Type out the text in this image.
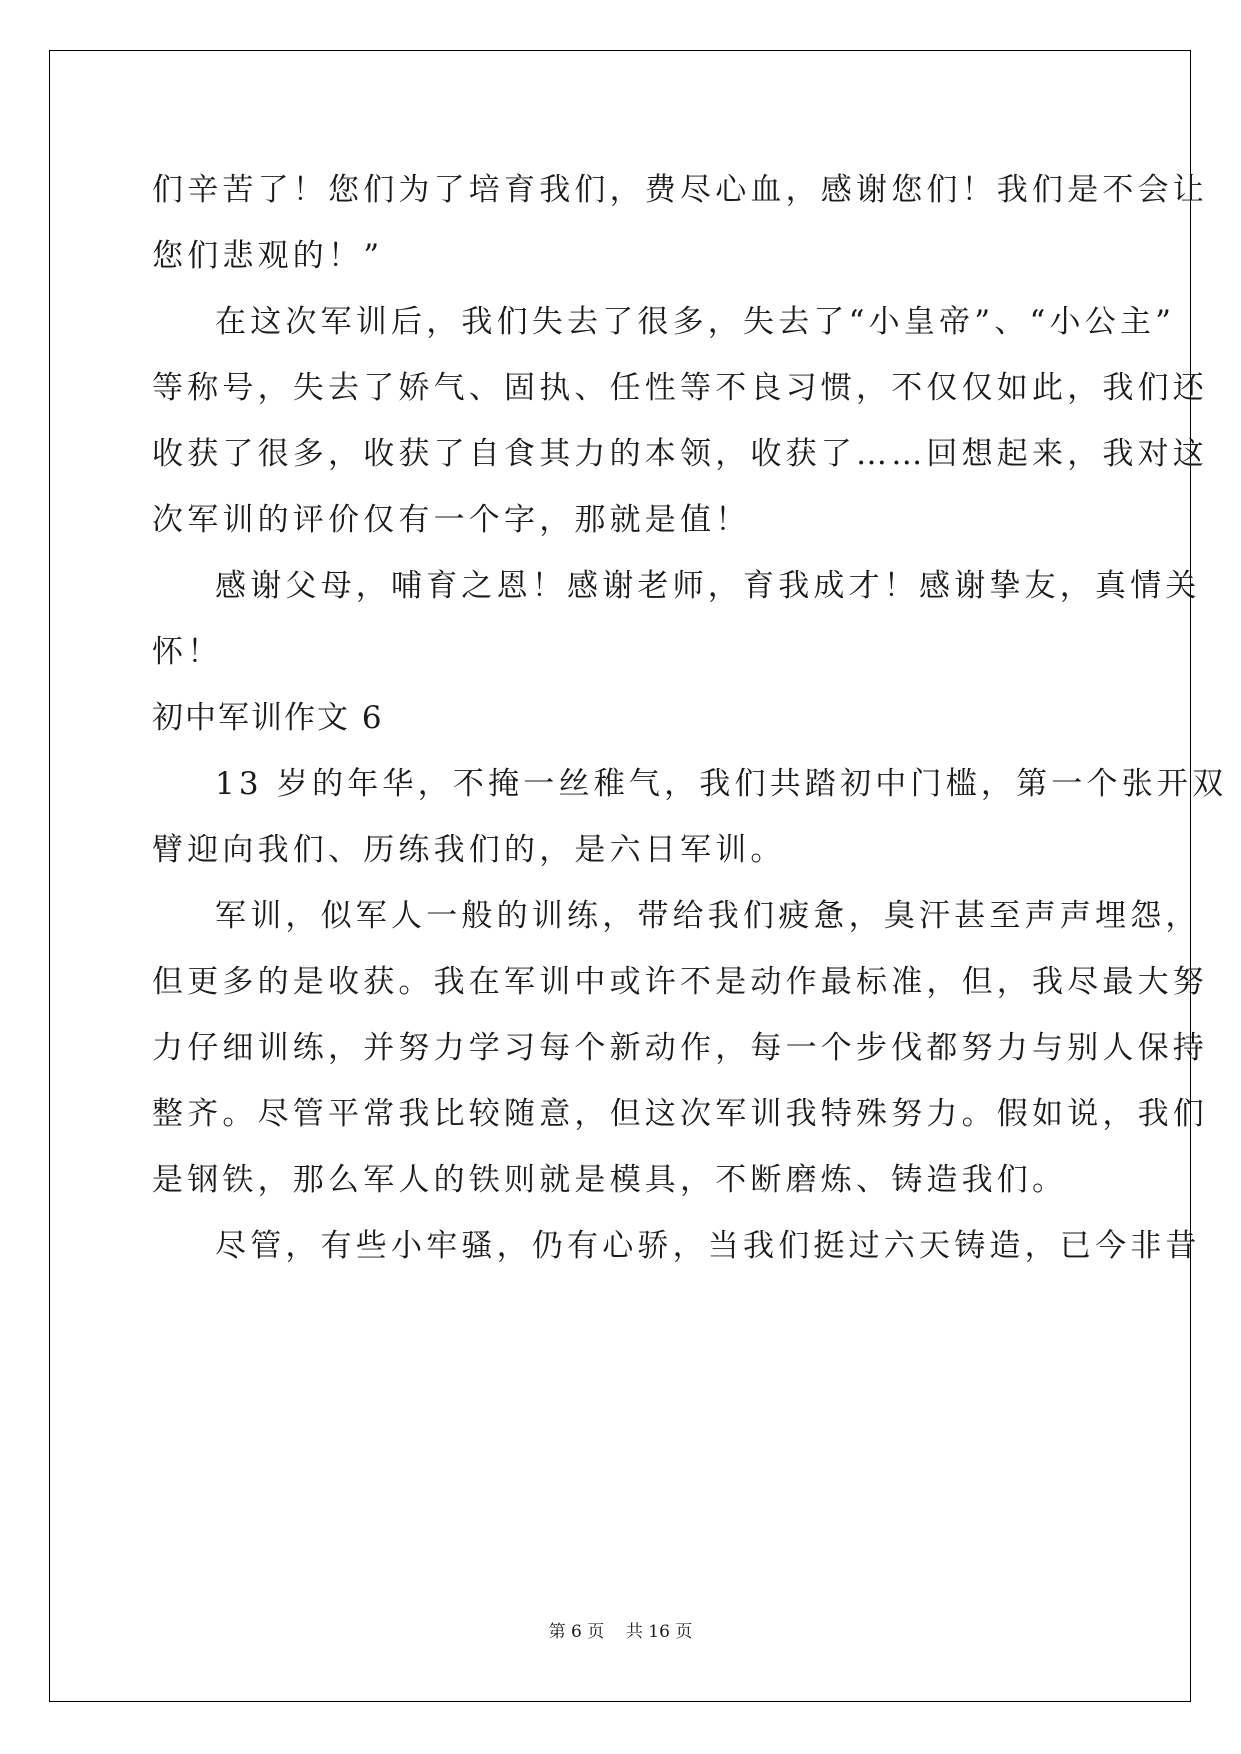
们辛苦了！您们为了培育我们，费尽心血，感谢您们！我们是不会让
您们悲观的！”
在这次军训后，我们失去了很多，失去了“小皇帝”、“小公主”
等称号，失去了娇气、固执、任性等不良习惯，不仅仅如此，我们还
收获了很多，收获了自食其力的本领，收获了……回想起来，我对这
次军训的评价仅有一个字，那就是值！
感谢父母，哺育之恩！感谢老师，育我成才！感谢挚友，真情关
怀！
初中军训作文 6
13 岁的年华，不掩一丝稚气，我们共踏初中门槛，第一个张开双
臂迎向我们、历练我们的，是六日军训。
军训，似军人一般的训练，带给我们疲惫，臭汗甚至声声埋怨，
但更多的是收获。我在军训中或许不是动作最标准，但，我尽最大努
力仔细训练，并努力学习每个新动作，每一个步伐都努力与别人保持
整齐。尽管平常我比较随意，但这次军训我特殊努力。假如说，我们
是钢铁，那么军人的铁则就是模具，不断磨炼、铸造我们。
尽管，有些小牢骚，仍有心骄，当我们挺过六天铸造，已今非昔
第 6 页 共 16 页
